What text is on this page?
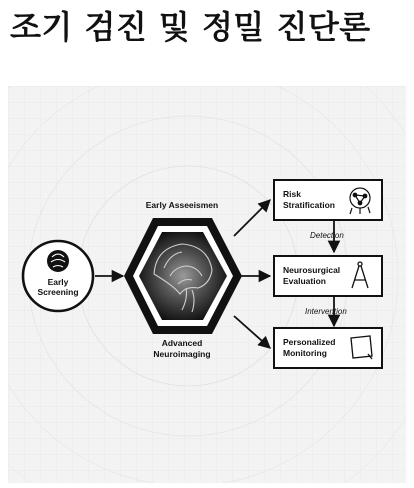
조기 검진 및 정밀 진단론
Early
Screening
Early Asseeismen
Advanced
Neuroimaging
Risk
Stratification
Neurosurgical
Evaluation
Personalized
Monitoring
Detection
Intervention
